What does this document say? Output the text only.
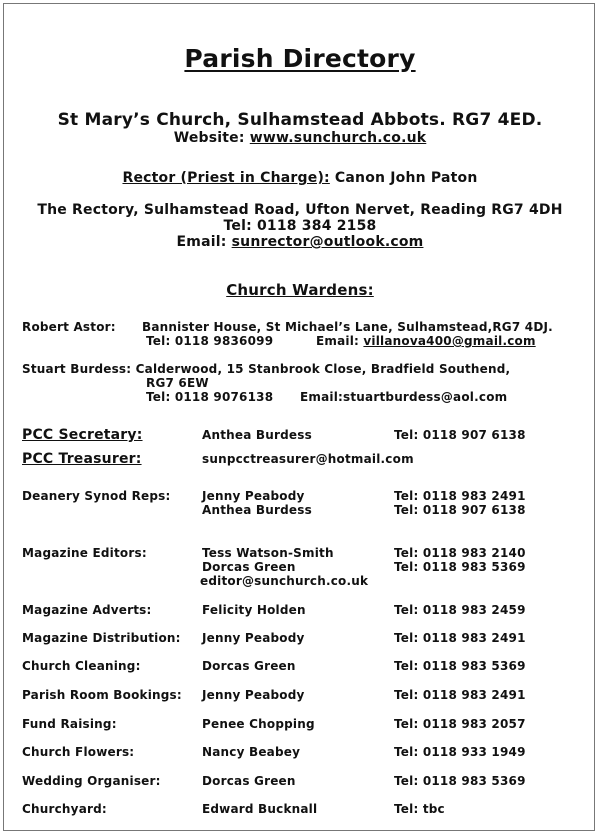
Parish Directory
St Mary’s Church, Sulhamstead Abbots. RG7 4ED.
Website: www.sunchurch.co.uk
Rector (Priest in Charge): Canon John Paton
The Rectory, Sulhamstead Road, Ufton Nervet, Reading RG7 4DH
Tel: 0118 384 2158
Email: sunrector@outlook.com
Church Wardens:
Robert Astor: Bannister House, St Michael’s Lane, Sulhamstead,RG7 4DJ.
Tel: 0118 9836099	Email: villanova400@gmail.com
Stuart Burdess: Calderwood, 15 Stanbrook Close, Bradfield Southend,
RG7 6EW
Tel: 0118 9076138 Email:stuartburdess@aol.com
PCC Secretary:	Anthea Burdess	Tel: 0118 907 6138
PCC Treasurer:	sunpcctreasurer@hotmail.com
Deanery Synod Reps:	Jenny Peabody	Tel: 0118 983 2491
Anthea Burdess	Tel: 0118 907 6138
Magazine Editors:	Tess Watson-Smith	Tel: 0118 983 2140
Dorcas Green	Tel: 0118 983 5369
editor@sunchurch.co.uk
Magazine Adverts:	Felicity Holden	Tel: 0118 983 2459
Magazine Distribution: Jenny Peabody	Tel: 0118 983 2491
Church Cleaning:	Dorcas Green	Tel: 0118 983 5369
Parish Room Bookings: Jenny Peabody	Tel: 0118 983 2491
Fund Raising:	Penee Chopping	Tel: 0118 983 2057
Church Flowers:	Nancy Beabey	Tel: 0118 933 1949
Wedding Organiser:	Dorcas Green	Tel: 0118 983 5369
Churchyard:	Edward Bucknall	Tel: tbc
